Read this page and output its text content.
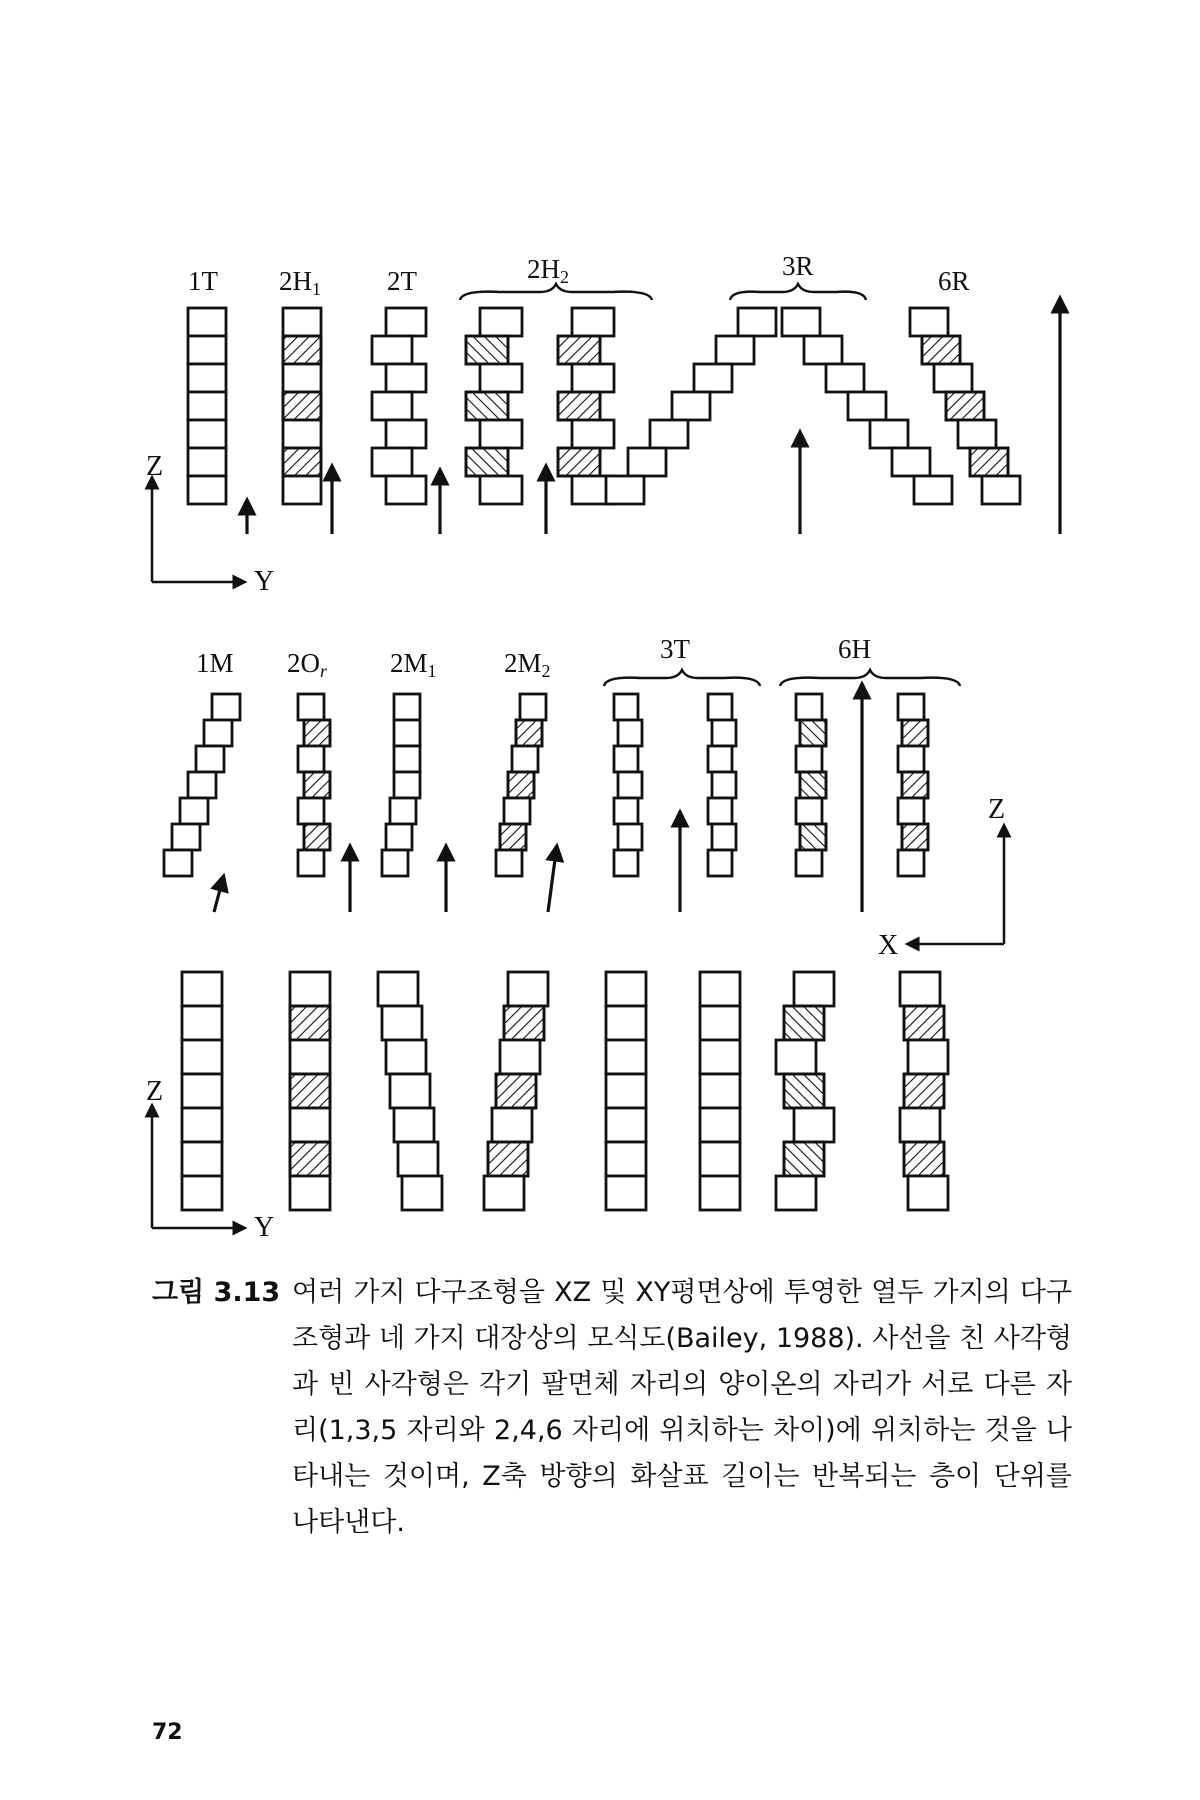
1T 2H1 2T	2H2	3R	6R
Z
Y
1M 2Or 2M1 2M2
3T	6H
Z
X
Z
Y
그림 3.13 여러 가지 다구조형을 XZ 및 XY평면상에 투영한 열두 가지의 다구조형과 네 가지 대장상의 모식도(Bailey, 1988). 사선을 친 사각형과 빈 사각형은 각기 팔면체 자리의 양이온의 자리가 서로 다른 자리(1,3,5 자리와 2,4,6 자리에 위치하는 차이)에 위치하는 것을 나타내는 것이며, Z축 방향의 화살표 길이는 반복되는 층이 단위를 나타낸다.
72
